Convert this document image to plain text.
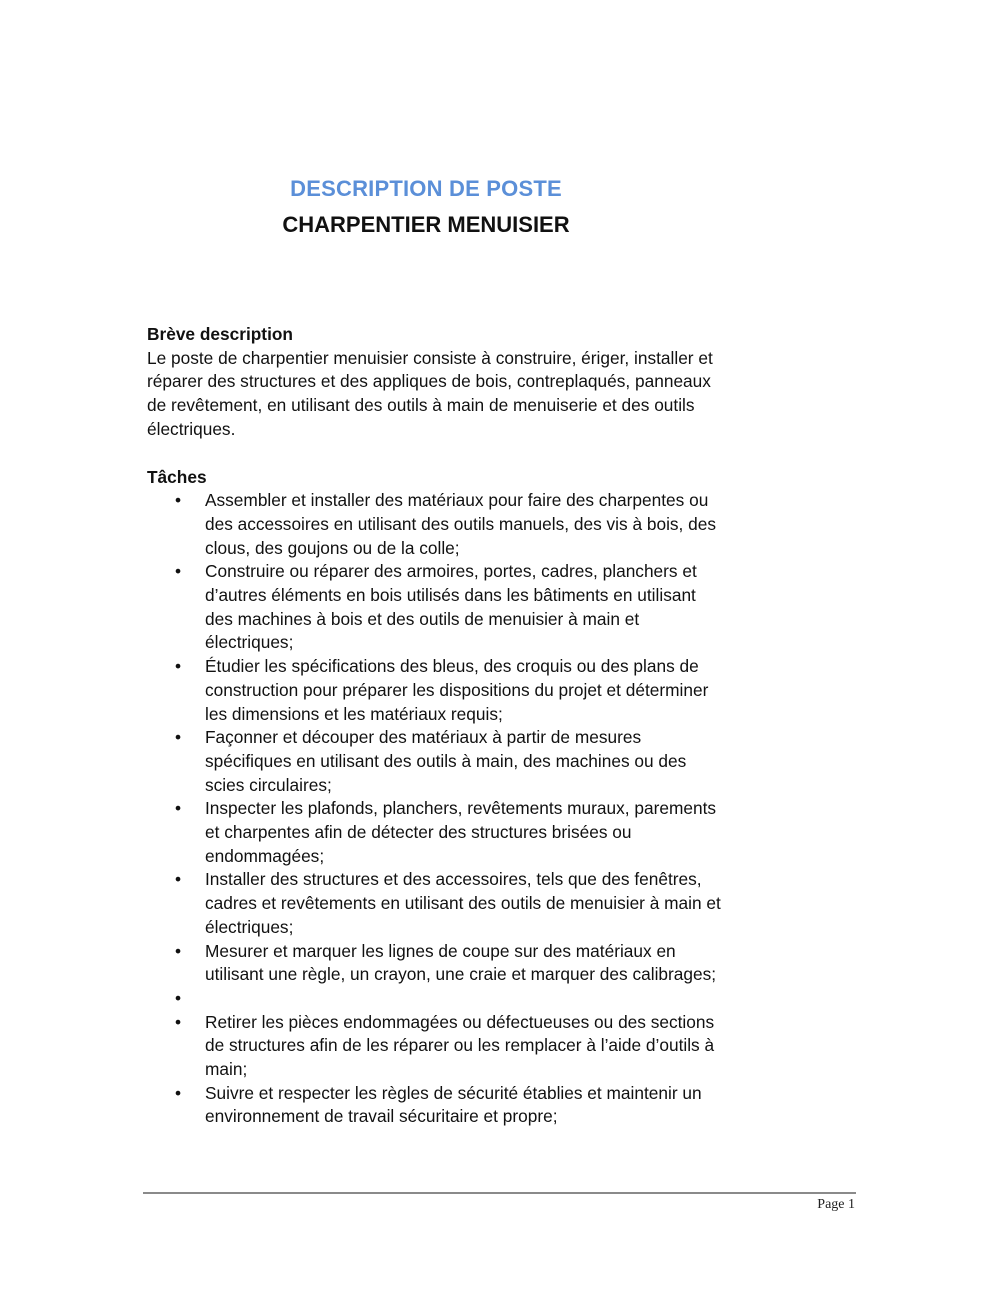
DESCRIPTION DE POSTE
CHARPENTIER MENUISIER
Brève description

Le poste de charpentier menuisier consiste à construire, ériger, installer et réparer des structures et des appliques de bois, contreplaqués, panneaux de revêtement, en utilisant des outils à main de menuiserie et des outils électriques.

Tâches
• Assembler et installer des matériaux pour faire des charpentes ou des accessoires en utilisant des outils manuels, des vis à bois, des clous, des goujons ou de la colle;
• Construire ou réparer des armoires, portes, cadres, planchers et d’autres éléments en bois utilisés dans les bâtiments en utilisant des machines à bois et des outils de menuisier à main et électriques;
• Étudier les spécifications des bleus, des croquis ou des plans de construction pour préparer les dispositions du projet et déterminer les dimensions et les matériaux requis;
• Façonner et découper des matériaux à partir de mesures spécifiques en utilisant des outils à main, des machines ou des scies circulaires;
• Inspecter les plafonds, planchers, revêtements muraux, parements et charpentes afin de détecter des structures brisées ou endommagées;
• Installer des structures et des accessoires, tels que des fenêtres, cadres et revêtements en utilisant des outils de menuisier à main et électriques;
• Mesurer et marquer les lignes de coupe sur des matériaux en utilisant une règle, un crayon, une craie et marquer des calibrages;
•
• Retirer les pièces endommagées ou défectueuses ou des sections de structures afin de les réparer ou les remplacer à l’aide d’outils à main;
• Suivre et respecter les règles de sécurité établies et maintenir un environnement de travail sécuritaire et propre;
Page 1
